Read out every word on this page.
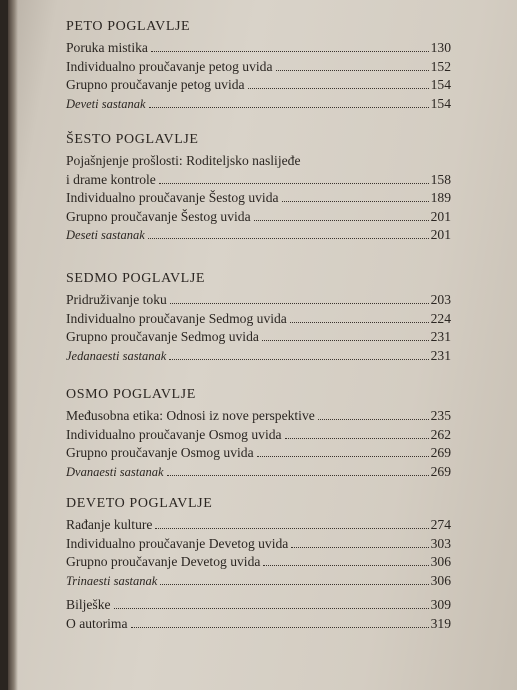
PETO POGLAVLJE
Poruka mistika	130
Individualno proučavanje petog uvida	152
Grupno proučavanje petog uvida	154
Deveti sastanak	154
ŠESTO POGLAVLJE
Pojašnjenje prošlosti: Roditeljsko naslijeđe
i drame kontrole	158
Individualno proučavanje Šestog uvida	189
Grupno proučavanje Šestog uvida	201
Deseti sastanak	201
SEDMO POGLAVLJE
Pridruživanje toku	203
Individualno proučavanje Sedmog uvida	224
Grupno proučavanje Sedmog uvida	231
Jedanaesti sastanak	231
OSMO POGLAVLJE
Međusobna etika: Odnosi iz nove perspektive	235
Individualno proučavanje Osmog uvida	262
Grupno proučavanje Osmog uvida	269
Dvanaesti sastanak	269
DEVETO POGLAVLJE
Rađanje kulture	274
Individualno proučavanje Devetog uvida	303
Grupno proučavanje Devetog uvida	306
Trinaesti sastanak	306
Bilješke	309
O autorima	319
